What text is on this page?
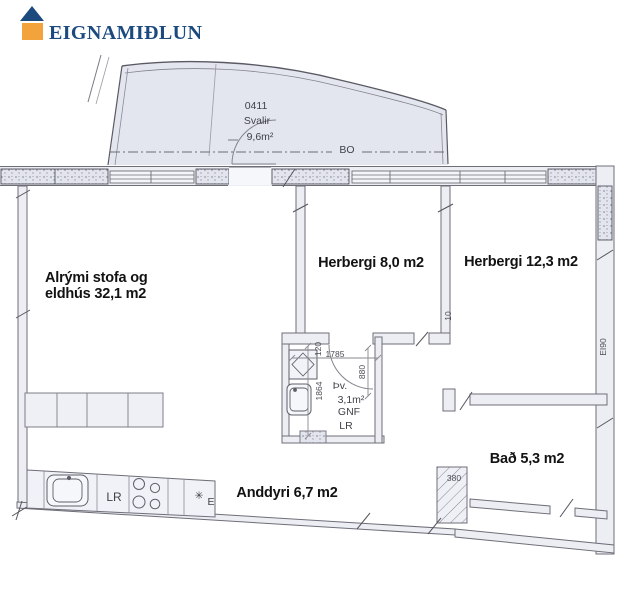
Alrými stofa og
eldhús 32,1 m2
Herbergi 8,0 m2	Herbergi 12,3 m2
Bað 5,3 m2
Anddyri 6,7 m2
0411
Svalir
9,6m²
BO
Þv.
3,1m²
GNF
LR
LR	✳ E
1785
880
1864
120
380
10
EI90
EIGNAMIÐLUN
